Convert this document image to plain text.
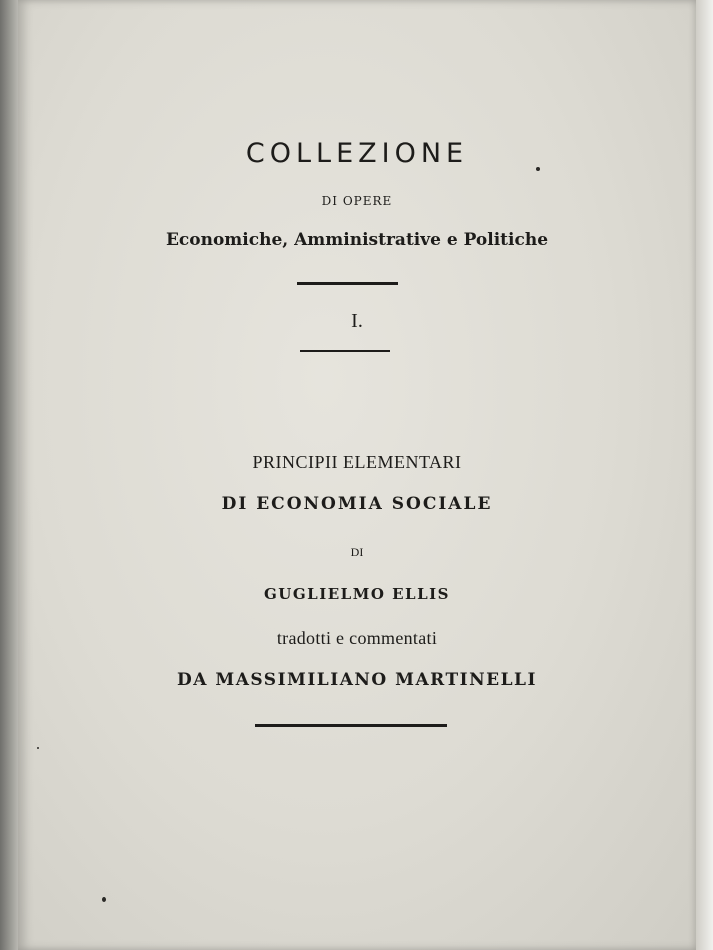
COLLEZIONE
DI OPERE
Economiche, Amministrative e Politiche
I.
PRINCIPII ELEMENTARI
DI ECONOMIA SOCIALE
DI
GUGLIELMO ELLIS
tradotti e commentati
DA MASSIMILIANO MARTINELLI
